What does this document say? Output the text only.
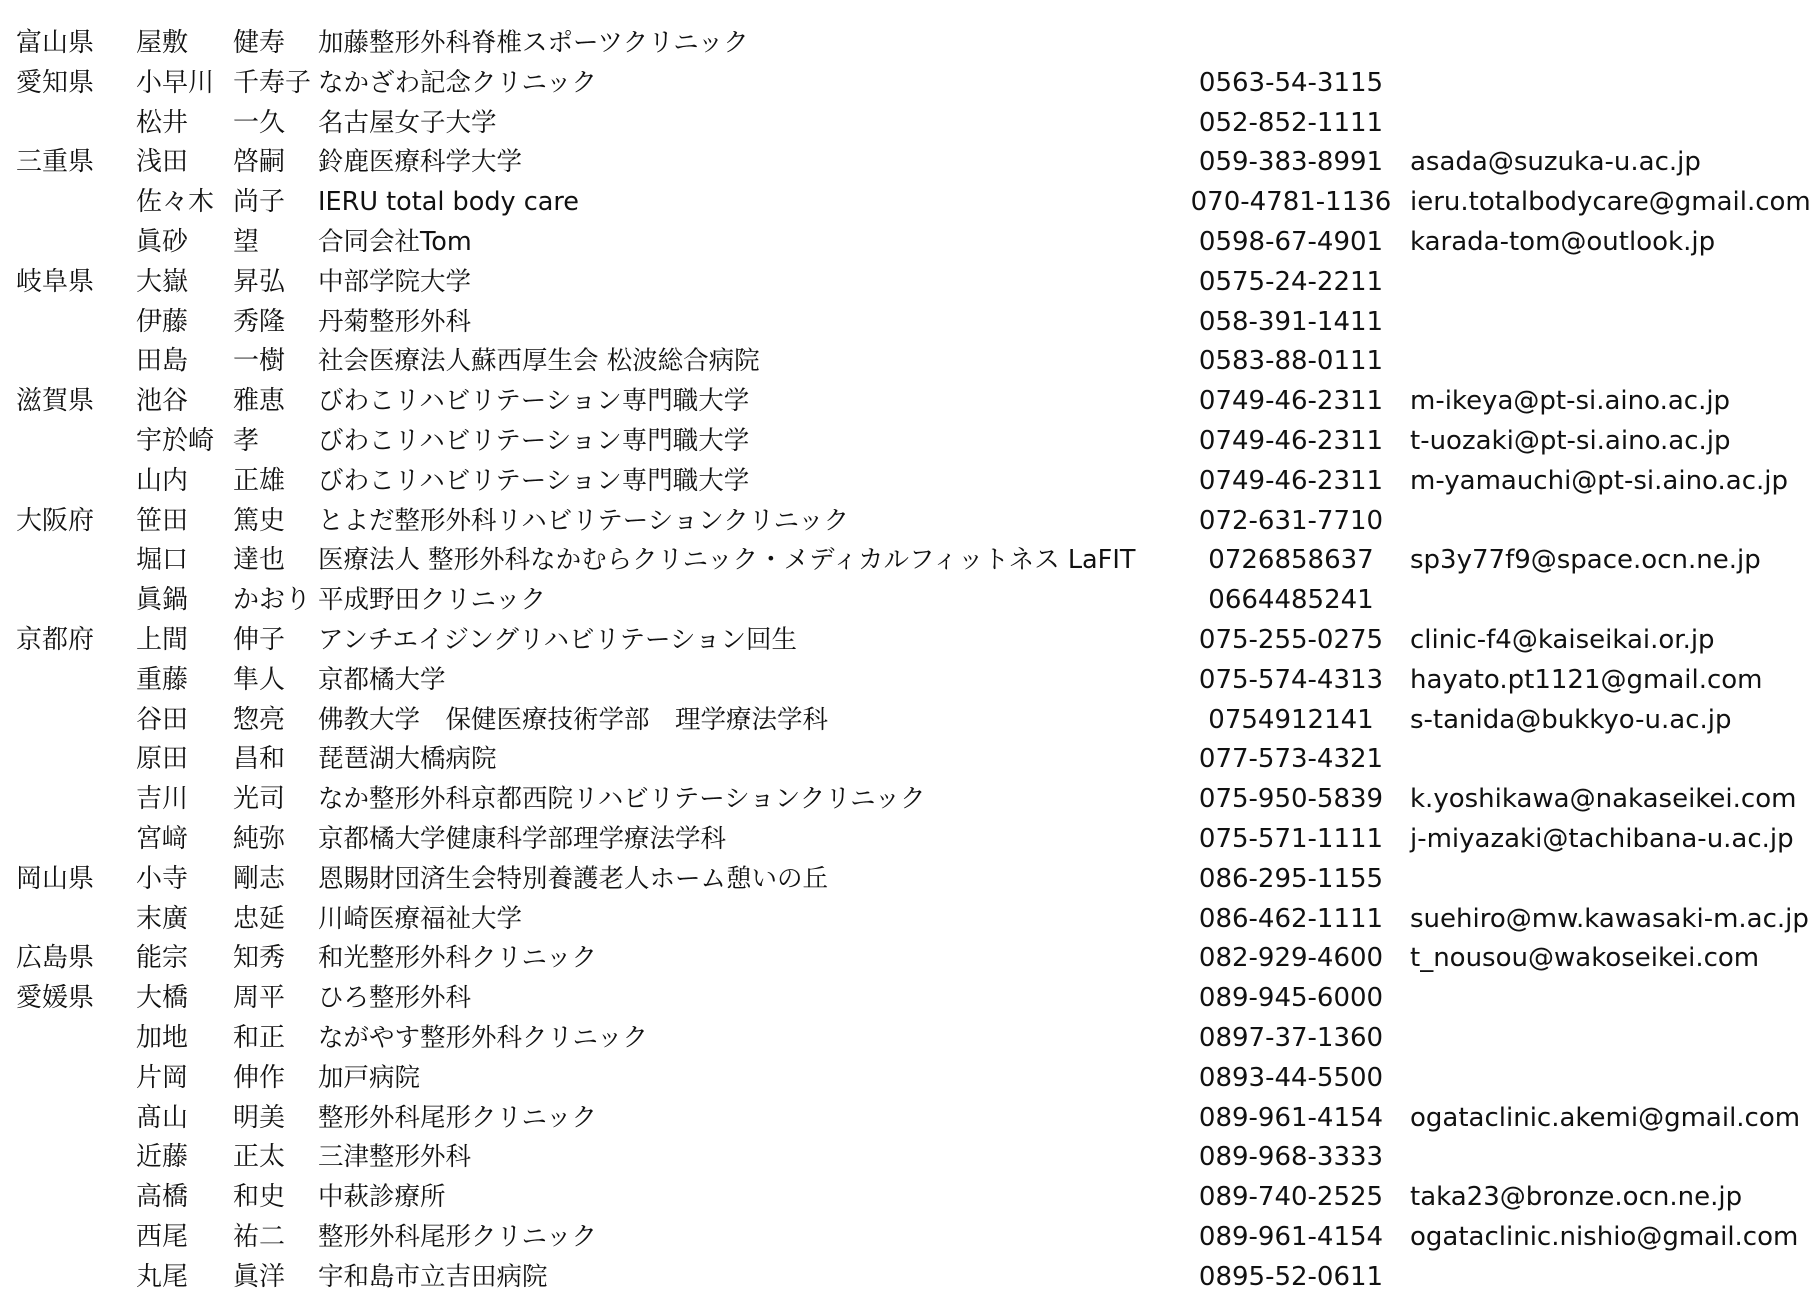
富山県 屋敷 健寿 加藤整形外科脊椎スポーツクリニック
愛知県 小早川 千寿子 なかざわ記念クリニック	0563-54-3115
松井 一久 名古屋女子大学	052-852-1111
三重県 浅田 啓嗣 鈴鹿医療科学大学	059-383-8991	asada@suzuka-u.ac.jp
佐々木 尚子 IERU total body care	070-4781-1136 ieru.totalbodycare@gmail.com
眞砂 望 合同会社Tom	0598-67-4901	karada-tom@outlook.jp
岐阜県 大嶽 昇弘 中部学院大学	0575-24-2211
伊藤 秀隆 丹菊整形外科	058-391-1411
田島 一樹 社会医療法人蘇西厚生会 松波総合病院	0583-88-0111
滋賀県 池谷 雅恵 びわこリハビリテーション専門職大学	0749-46-2311	m-ikeya@pt-si.aino.ac.jp
宇於崎 孝 びわこリハビリテーション専門職大学	0749-46-2311	t-uozaki@pt-si.aino.ac.jp
山内 正雄 びわこリハビリテーション専門職大学	0749-46-2311	m-yamauchi@pt-si.aino.ac.jp
大阪府 笹田 篤史 とよだ整形外科リハビリテーションクリニック	072-631-7710
堀口 達也 医療法人 整形外科なかむらクリニック・メディカルフィットネス LaFIT	0726858637	sp3y77f9@space.ocn.ne.jp
眞鍋 かおり 平成野田クリニック	0664485241
京都府 上間 伸子 アンチエイジングリハビリテーション回生	075-255-0275	clinic-f4@kaiseikai.or.jp
重藤 隼人 京都橘大学	075-574-4313	hayato.pt1121@gmail.com
谷田 惣亮 佛教大学　保健医療技術学部　理学療法学科	0754912141	s-tanida@bukkyo-u.ac.jp
原田 昌和 琵琶湖大橋病院	077-573-4321
吉川 光司 なか整形外科京都西院リハビリテーションクリニック	075-950-5839	k.yoshikawa@nakaseikei.com
宮﨑 純弥 京都橘大学健康科学部理学療法学科	075-571-1111	j-miyazaki@tachibana-u.ac.jp
岡山県 小寺 剛志 恩賜財団済生会特別養護老人ホーム憩いの丘	086-295-1155
末廣 忠延 川崎医療福祉大学	086-462-1111	suehiro@mw.kawasaki-m.ac.jp
広島県 能宗 知秀 和光整形外科クリニック	082-929-4600	t_nousou@wakoseikei.com
愛媛県 大橋 周平 ひろ整形外科	089-945-6000
加地 和正 ながやす整形外科クリニック	0897-37-1360
片岡 伸作 加戸病院	0893-44-5500
髙山 明美 整形外科尾形クリニック	089-961-4154	ogataclinic.akemi@gmail.com
近藤 正太 三津整形外科	089-968-3333
高橋 和史 中萩診療所	089-740-2525	taka23@bronze.ocn.ne.jp
西尾 祐二 整形外科尾形クリニック	089-961-4154	ogataclinic.nishio@gmail.com
丸尾 眞洋 宇和島市立吉田病院	0895-52-0611
